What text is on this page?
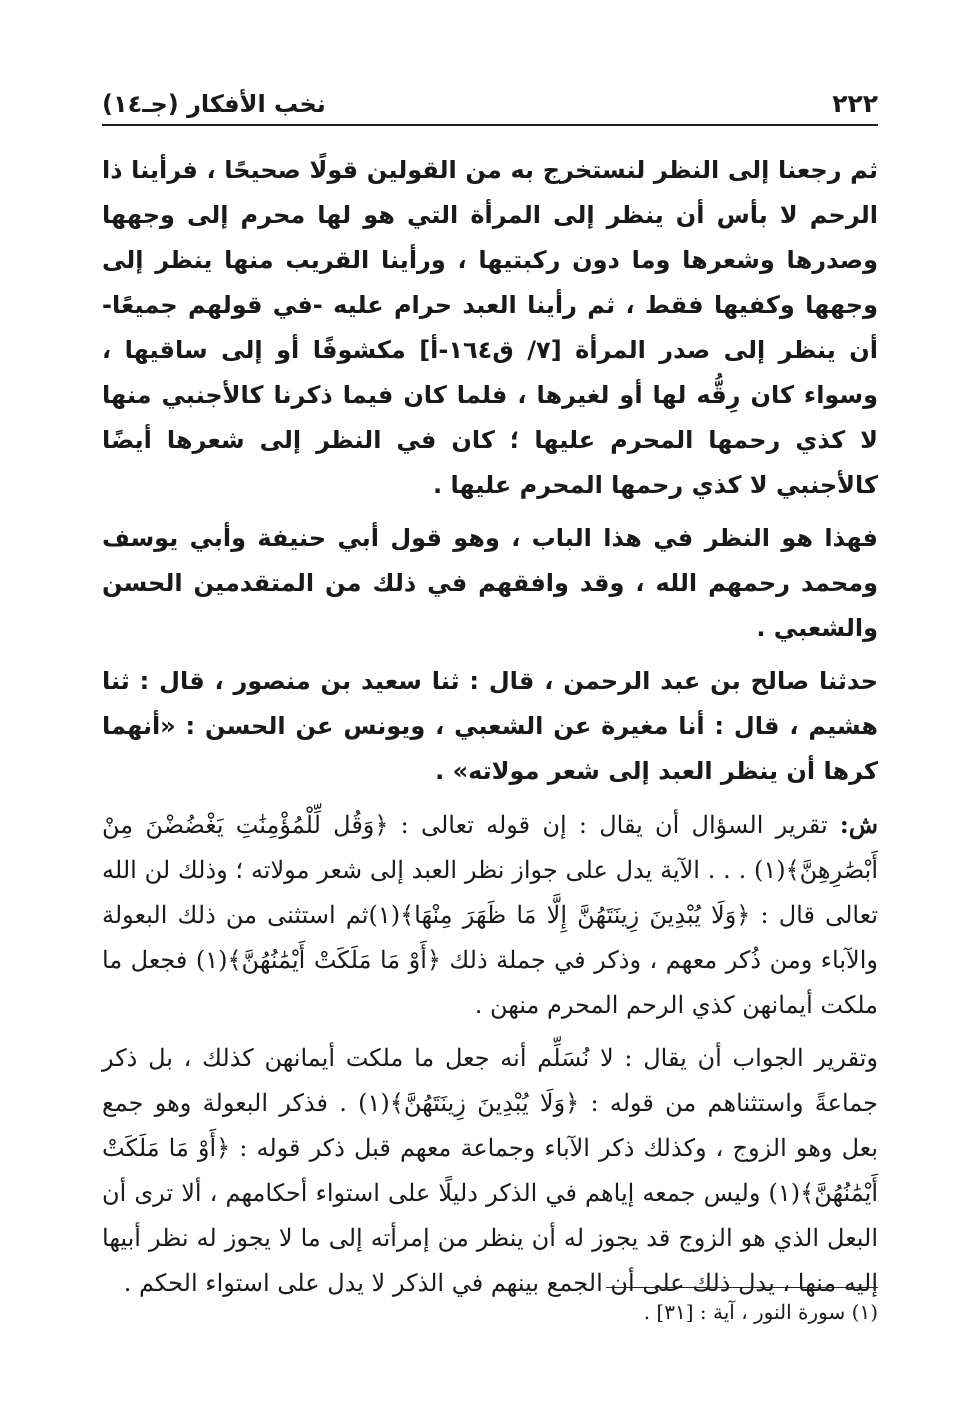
٢٢٢
نخب الأفكار (جـ١٤)

ثم رجعنا إلى النظر لنستخرج به من القولين قولًا صحيحًا ، فرأينا ذا الرحم لا بأس أن ينظر إلى المرأة التي هو لها محرم إلى وجهها وصدرها وشعرها وما دون ركبتيها ، ورأينا القريب منها ينظر إلى وجهها وكفيها فقط ، ثم رأينا العبد حرام عليه -في قولهم جميعًا- أن ينظر إلى صدر المرأة [٧/ ق١٦٤-أ] مكشوفًا أو إلى ساقيها ، وسواء كان رِقُّه لها أو لغيرها ، فلما كان فيما ذكرنا كالأجنبي منها لا كذي رحمها المحرم عليها ؛ كان في النظر إلى شعرها أيضًا كالأجنبي لا كذي رحمها المحرم عليها .

فهذا هو النظر في هذا الباب ، وهو قول أبي حنيفة وأبي يوسف ومحمد رحمهم الله ، وقد وافقهم في ذلك من المتقدمين الحسن والشعبي .

حدثنا صالح بن عبد الرحمن ، قال : ثنا سعيد بن منصور ، قال : ثنا هشيم ، قال : أنا مغيرة عن الشعبي ، ويونس عن الحسن : «أنهما كرها أن ينظر العبد إلى شعر مولاته» .

ش: تقرير السؤال أن يقال : إن قوله تعالى : ﴿وَقُل لِّلْمُؤْمِنَٰتِ يَغْضُضْنَ مِنْ أَبْصَٰرِهِنَّ﴾(١) . . . الآية يدل على جواز نظر العبد إلى شعر مولاته ؛ وذلك لن الله تعالى قال : ﴿وَلَا يُبْدِينَ زِينَتَهُنَّ إِلَّا مَا ظَهَرَ مِنْهَا﴾(١)ثم استثنى من ذلك البعولة والآباء ومن ذُكر معهم ، وذكر في جملة ذلك ﴿أَوْ مَا مَلَكَتْ أَيْمَٰنُهُنَّ﴾(١) فجعل ما ملكت أيمانهن كذي الرحم المحرم منهن .

وتقرير الجواب أن يقال : لا نُسَلِّم أنه جعل ما ملكت أيمانهن كذلك ، بل ذكر جماعةً واستثناهم من قوله : ﴿وَلَا يُبْدِينَ زِينَتَهُنَّ﴾(١) . فذكر البعولة وهو جمع بعل وهو الزوج ، وكذلك ذكر الآباء وجماعة معهم قبل ذكر قوله : ﴿أَوْ مَا مَلَكَتْ أَيْمَٰنُهُنَّ﴾(١) وليس جمعه إياهم في الذكر دليلًا على استواء أحكامهم ، ألا ترى أن البعل الذي هو الزوج قد يجوز له أن ينظر من إمرأته إلى ما لا يجوز له نظر أبيها إليه منها ، يدل ذلك على أن الجمع بينهم في الذكر لا يدل على استواء الحكم .

(١) سورة النور ، آية : [٣١] .
